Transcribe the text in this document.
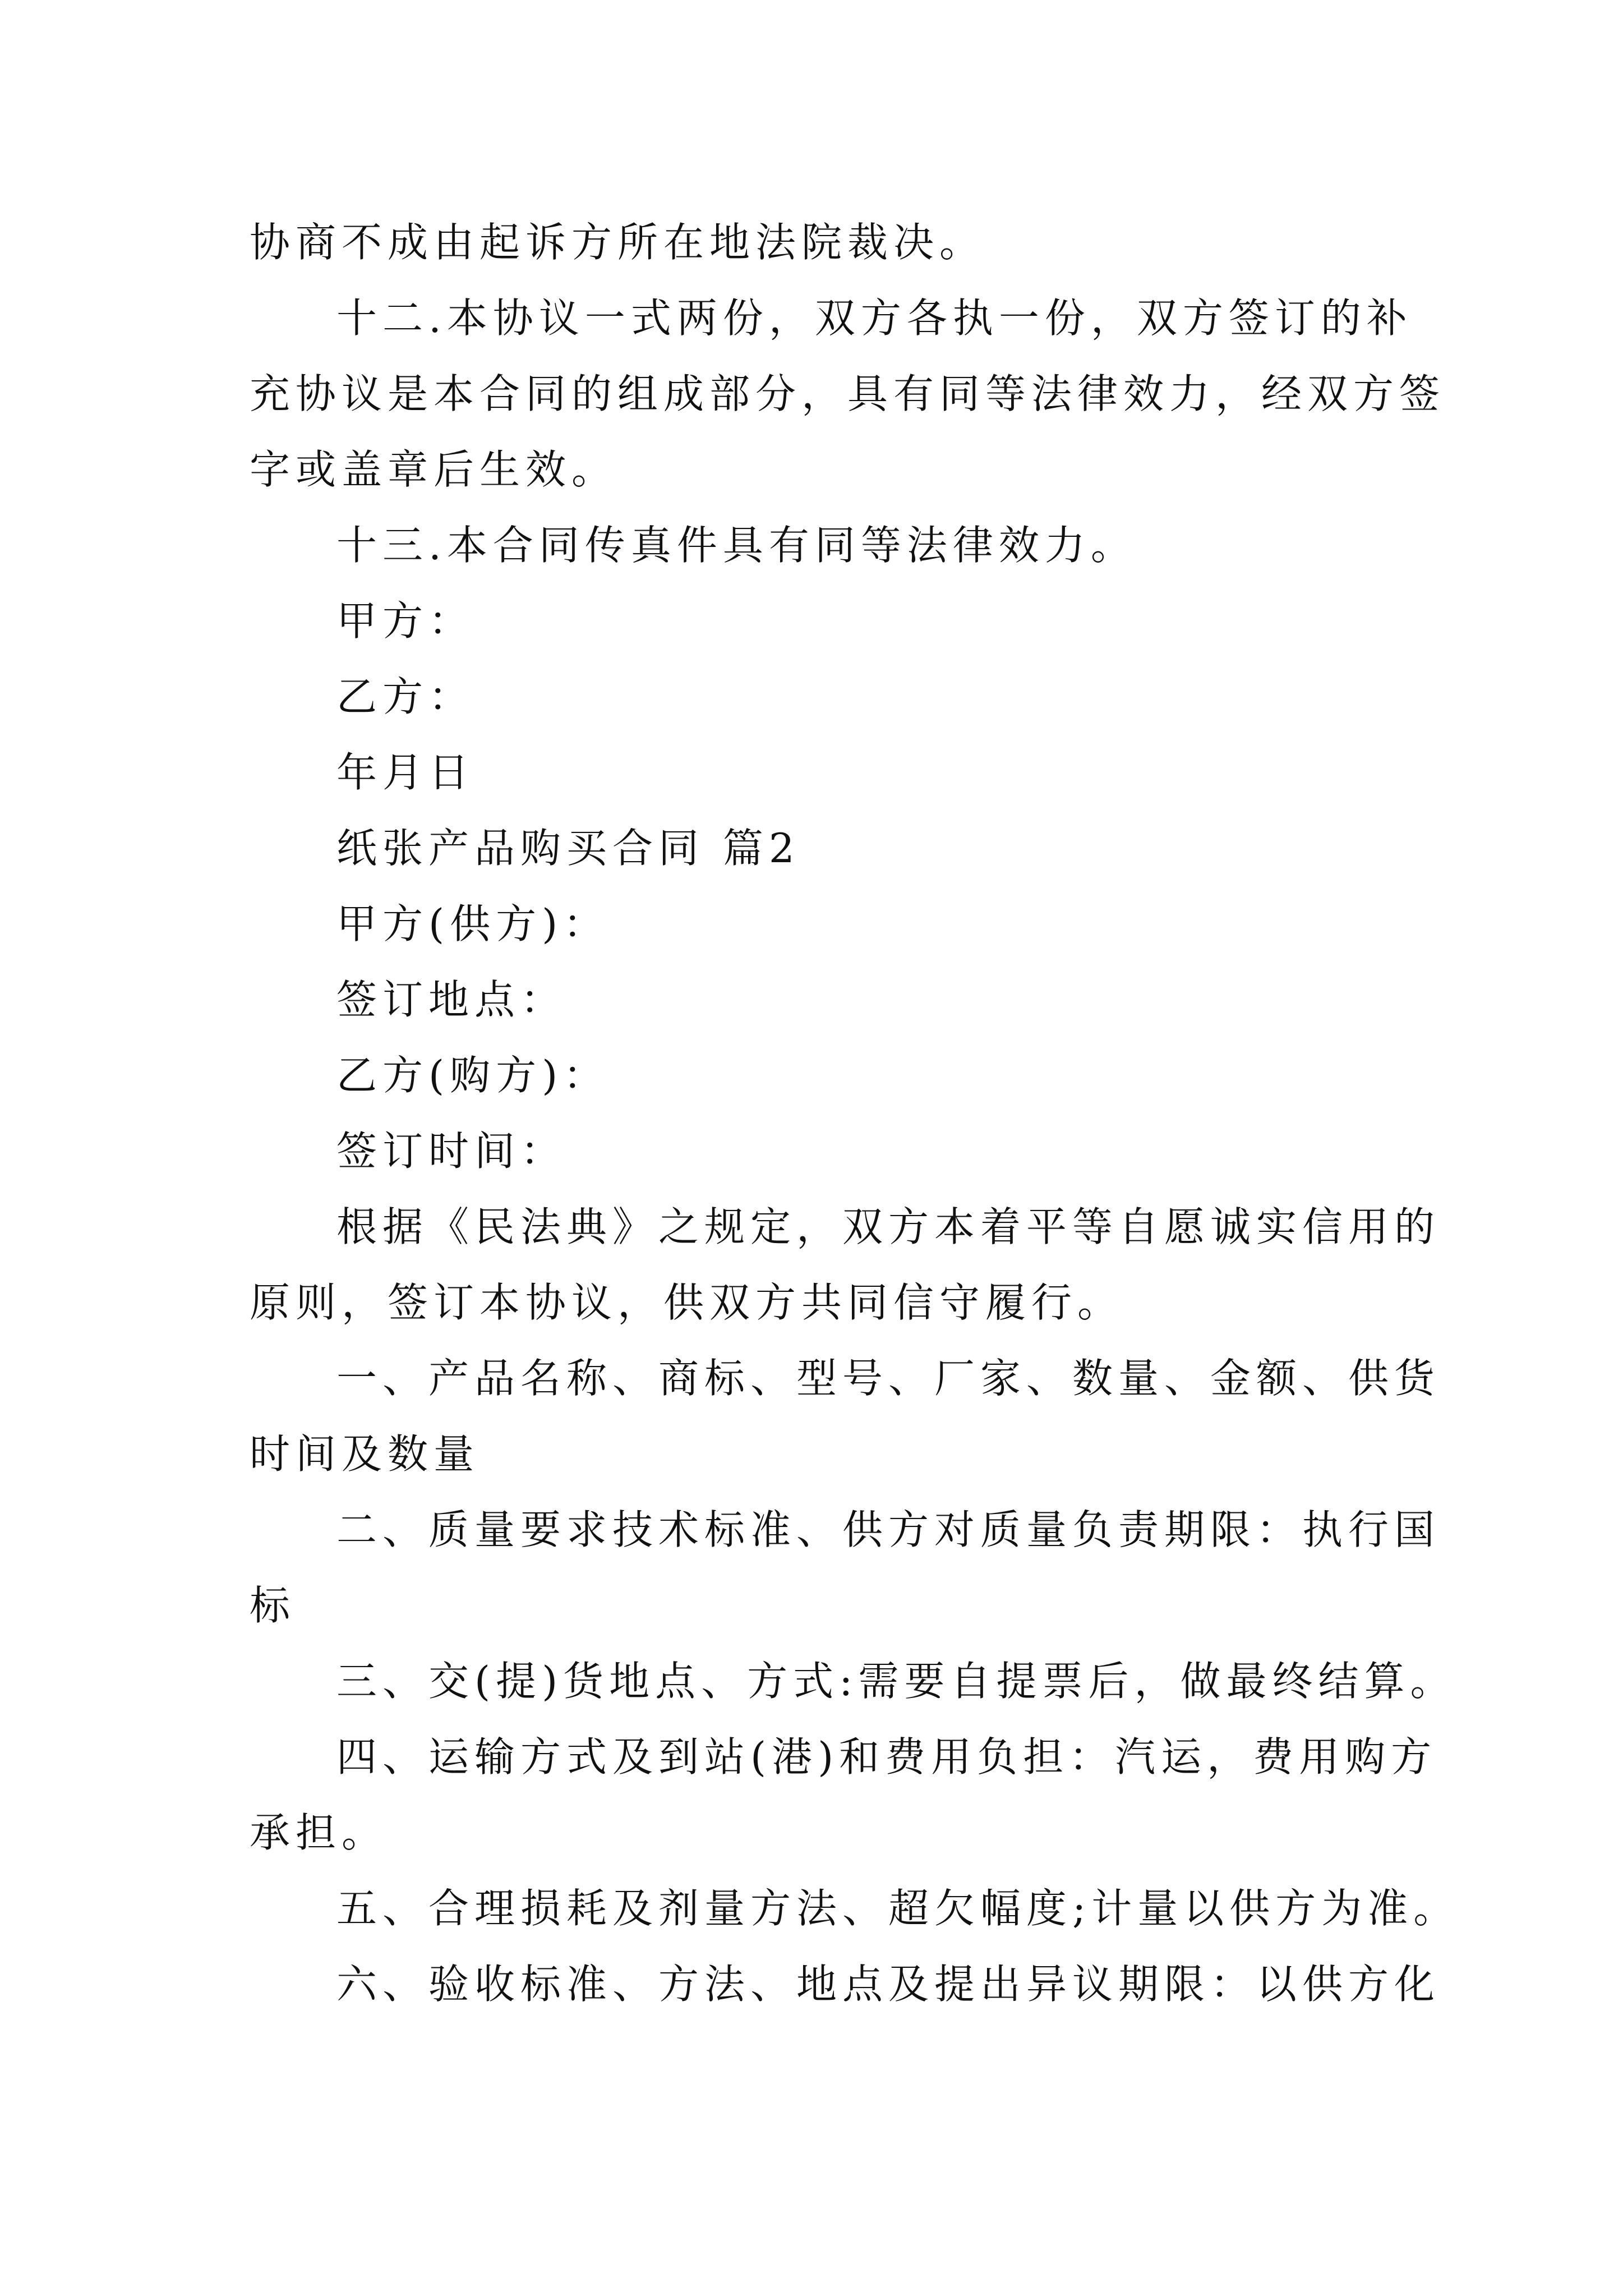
协商不成由起诉方所在地法院裁决。
十二.本协议一式两份，双方各执一份，双方签订的补
充协议是本合同的组成部分，具有同等法律效力，经双方签
字或盖章后生效。
十三.本合同传真件具有同等法律效力。
甲方：
乙方：
年月日
纸张产品购买合同 篇2
甲方(供方)：
签订地点：
乙方(购方)：
签订时间：
根据《民法典》之规定，双方本着平等自愿诚实信用的
原则，签订本协议，供双方共同信守履行。
一、产品名称、商标、型号、厂家、数量、金额、供货
时间及数量
二、质量要求技术标准、供方对质量负责期限：执行国
标
三、交(提)货地点、方式:需要自提票后，做最终结算。
四、运输方式及到站(港)和费用负担：汽运，费用购方
承担。
五、合理损耗及剂量方法、超欠幅度;计量以供方为准。
六、验收标准、方法、地点及提出异议期限：以供方化
